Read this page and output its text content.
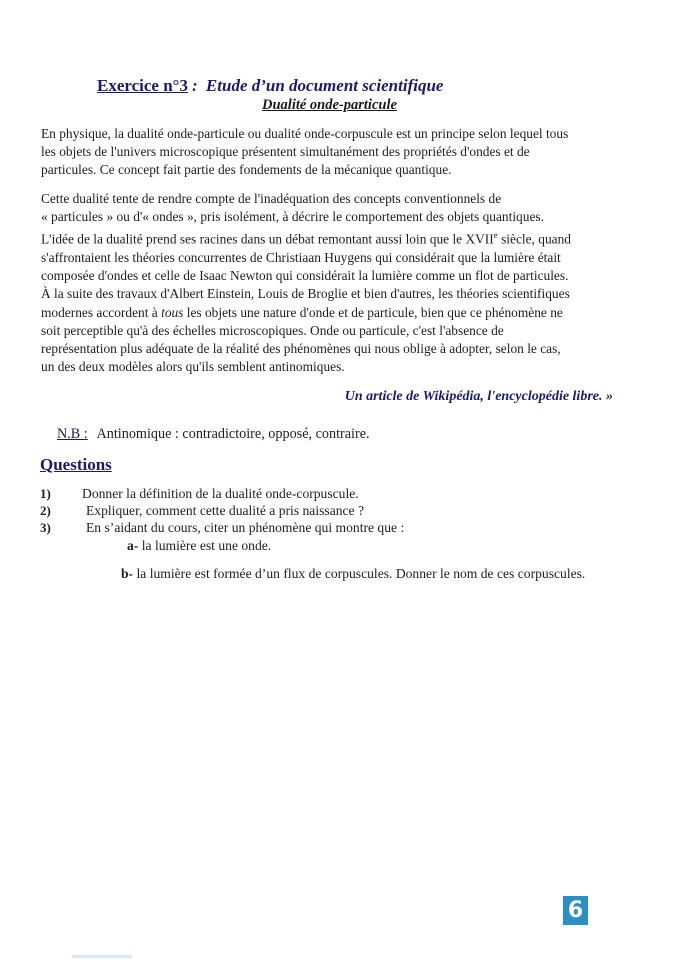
Exercice n°3 : Etude d’un document scientifique
Dualité onde-particule
En physique, la dualité onde-particule ou dualité onde-corpuscule est un principe selon lequel tous
les objets de l'univers microscopique présentent simultanément des propriétés d'ondes et de
particules. Ce concept fait partie des fondements de la mécanique quantique.
Cette dualité tente de rendre compte de l'inadéquation des concepts conventionnels de
« particules » ou d'« ondes », pris isolément, à décrire le comportement des objets quantiques.
L'idée de la dualité prend ses racines dans un débat remontant aussi loin que le XVIIe siècle, quand
s'affrontaient les théories concurrentes de Christiaan Huygens qui considérait que la lumière était
composée d'ondes et celle de Isaac Newton qui considérait la lumière comme un flot de particules.
À la suite des travaux d'Albert Einstein, Louis de Broglie et bien d'autres, les théories scientifiques
modernes accordent à tous les objets une nature d'onde et de particule, bien que ce phénomène ne
soit perceptible qu'à des échelles microscopiques. Onde ou particule, c'est l'absence de
représentation plus adéquate de la réalité des phénomènes qui nous oblige à adopter, selon le cas,
un des deux modèles alors qu'ils semblent antinomiques.
Un article de Wikipédia, l'encyclopédie libre. »
N.B : Antinomique : contradictoire, opposé, contraire.
Questions
1) Donner la définition de la dualité onde-corpuscule.
2)	Expliquer, comment cette dualité a pris naissance ?
3)	En s’aidant du cours, citer un phénomène qui montre que :
a- la lumière est une onde.
b- la lumière est formée d’un flux de corpuscules. Donner le nom de ces corpuscules.
6
